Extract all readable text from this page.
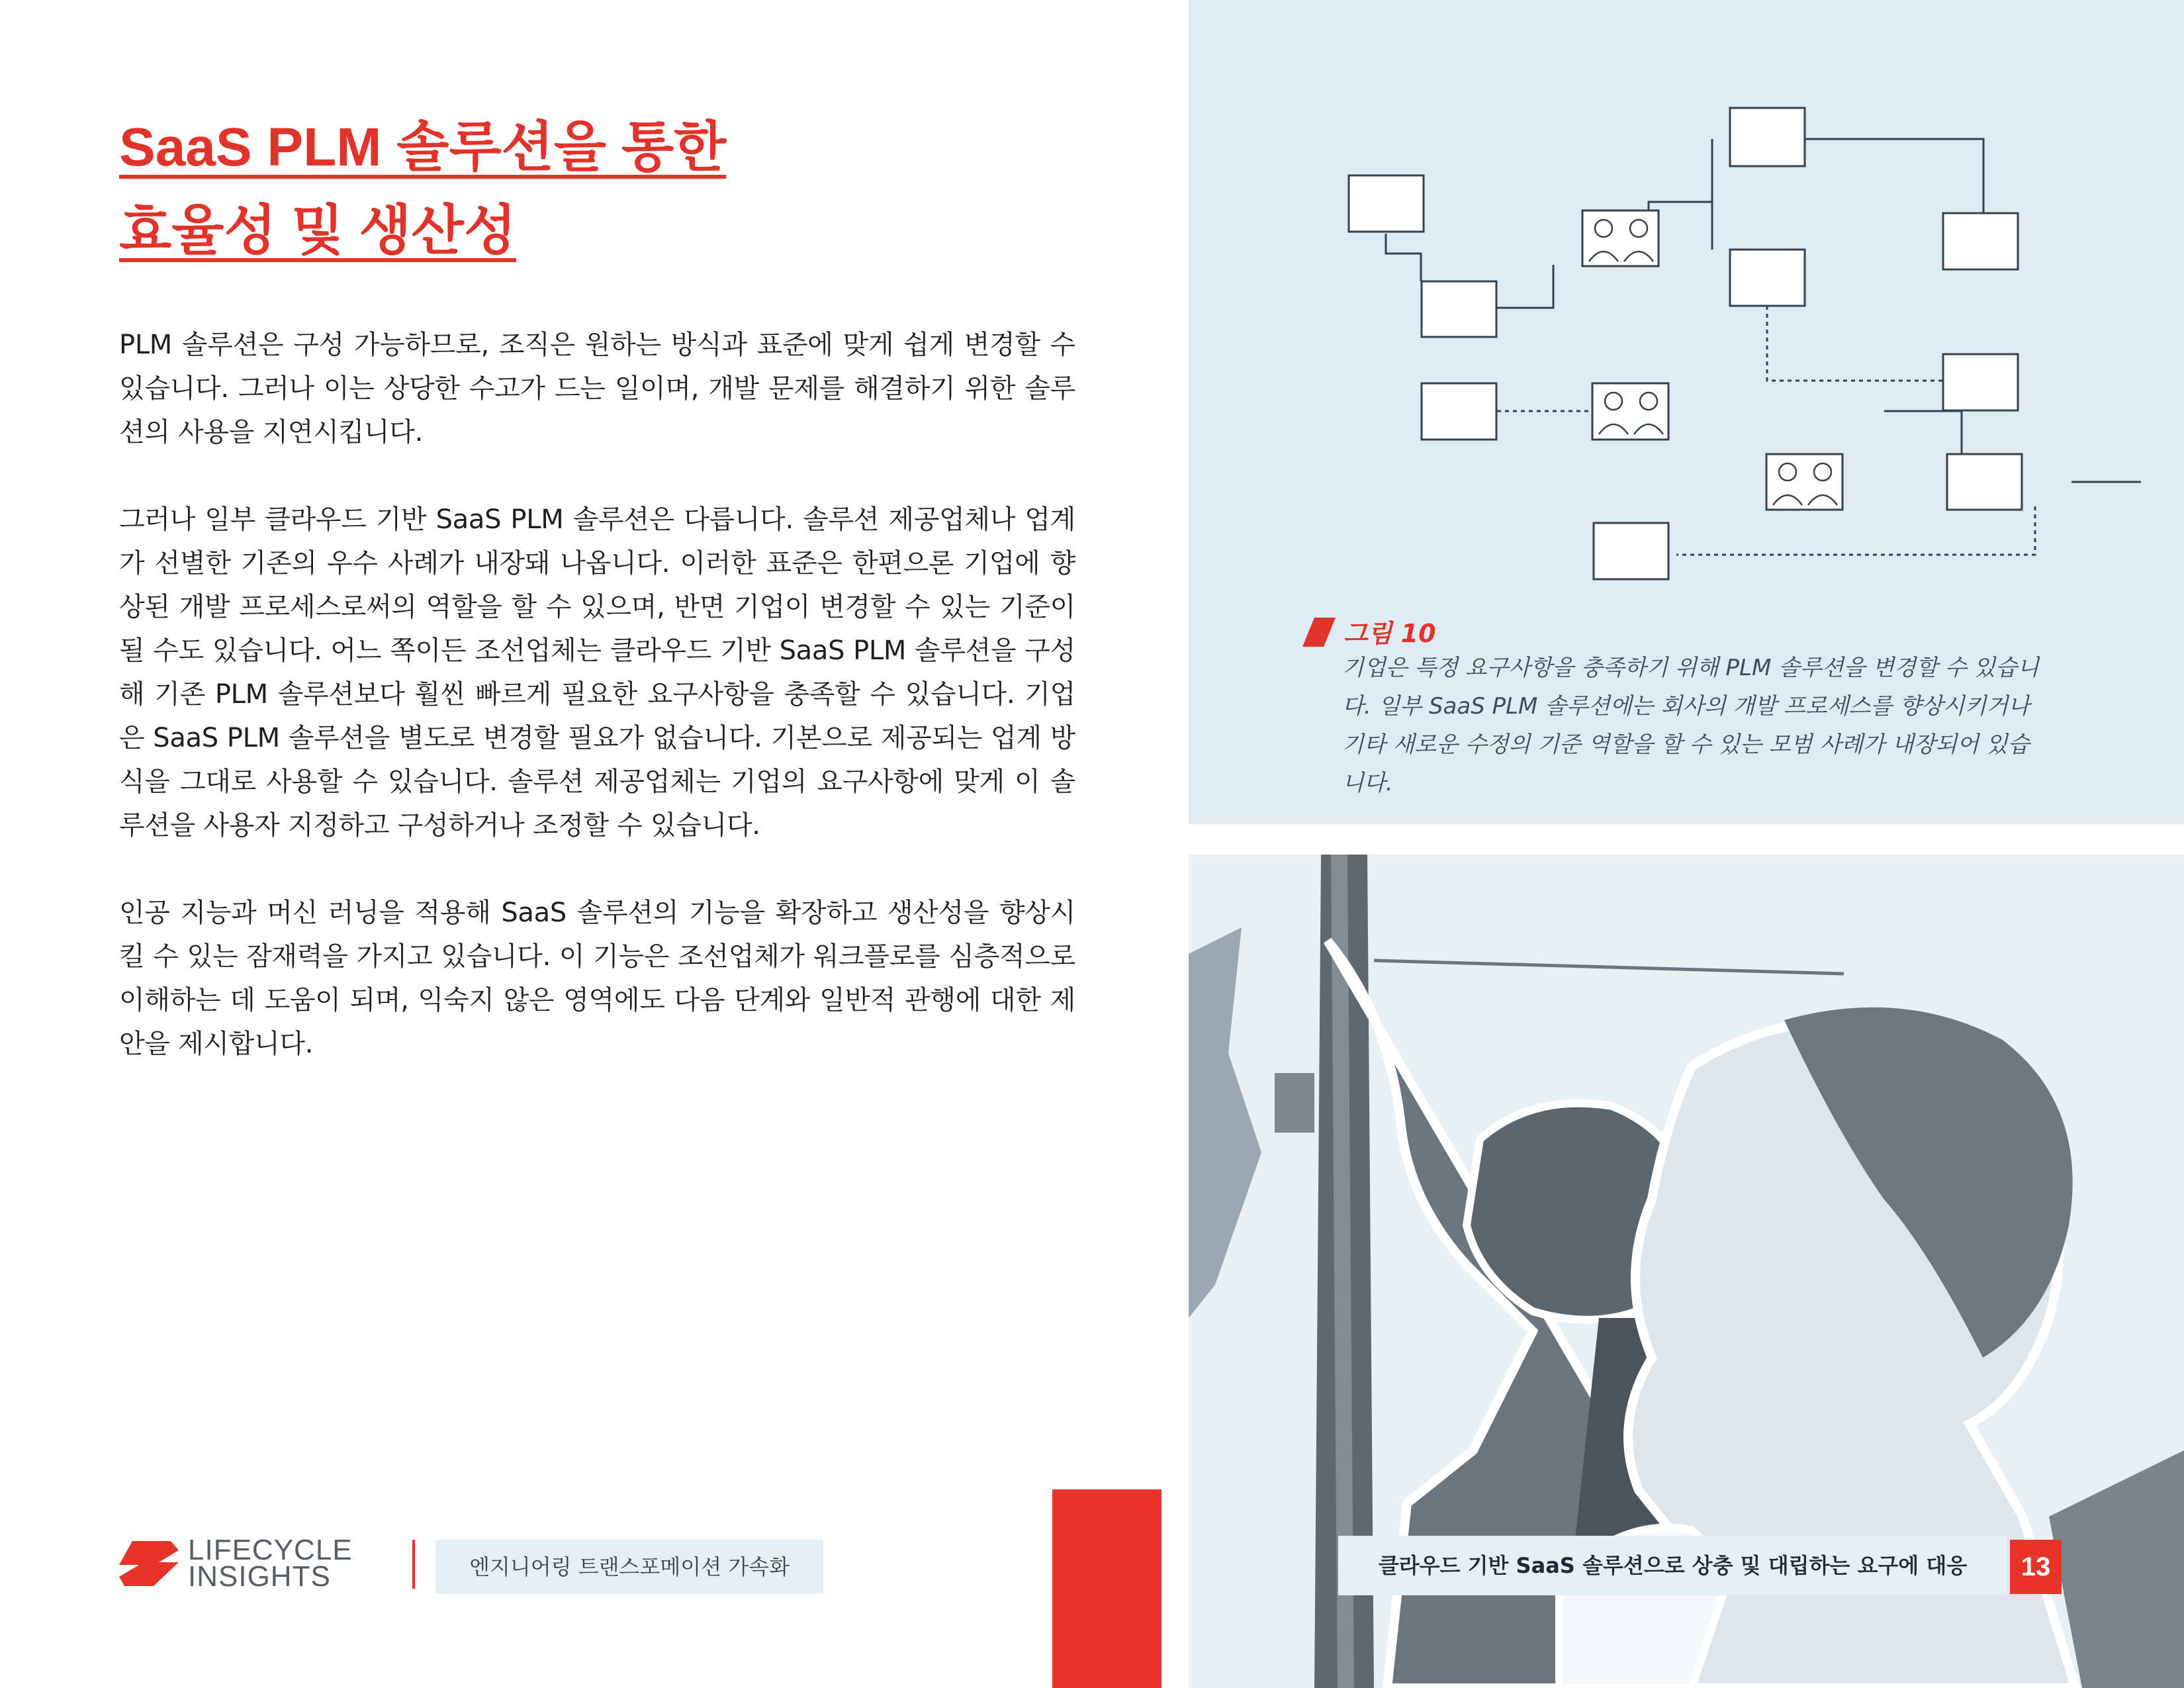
SaaS PLM 솔루션을 통한
효율성 및 생산성

PLM 솔루션은 구성 가능하므로, 조직은 원하는 방식과 표준에 맞게 쉽게 변경할 수 있습니다. 그러나 이는 상당한 수고가 드는 일이며, 개발 문제를 해결하기 위한 솔루션의 사용을 지연시킵니다.

그러나 일부 클라우드 기반 SaaS PLM 솔루션은 다릅니다. 솔루션 제공업체나 업계가 선별한 기존의 우수 사례가 내장돼 나옵니다. 이러한 표준은 한편으론 기업에 향상된 개발 프로세스로써의 역할을 할 수 있으며, 반면 기업이 변경할 수 있는 기준이 될 수도 있습니다. 어느 쪽이든 조선업체는 클라우드 기반 SaaS PLM 솔루션을 구성해 기존 PLM 솔루션보다 훨씬 빠르게 필요한 요구사항을 충족할 수 있습니다. 기업은 SaaS PLM 솔루션을 별도로 변경할 필요가 없습니다. 기본으로 제공되는 업계 방식을 그대로 사용할 수 있습니다. 솔루션 제공업체는 기업의 요구사항에 맞게 이 솔루션을 사용자 지정하고 구성하거나 조정할 수 있습니다.

인공 지능과 머신 러닝을 적용해 SaaS 솔루션의 기능을 확장하고 생산성을 향상시킬 수 있는 잠재력을 가지고 있습니다. 이 기능은 조선업체가 워크플로를 심층적으로 이해하는 데 도움이 되며, 익숙지 않은 영역에도 다음 단계와 일반적 관행에 대한 제안을 제시합니다.

그림 10
기업은 특정 요구사항을 충족하기 위해 PLM 솔루션을 변경할 수 있습니다. 일부 SaaS PLM 솔루션에는 회사의 개발 프로세스를 향상시키거나 기타 새로운 수정의 기준 역할을 할 수 있는 모범 사례가 내장되어 있습니다.
LIFECYCLE
INSIGHTS	엔지니어링 트랜스포메이션 가속화	클라우드 기반 SaaS 솔루션으로 상충 및 대립하는 요구에 대응	13
